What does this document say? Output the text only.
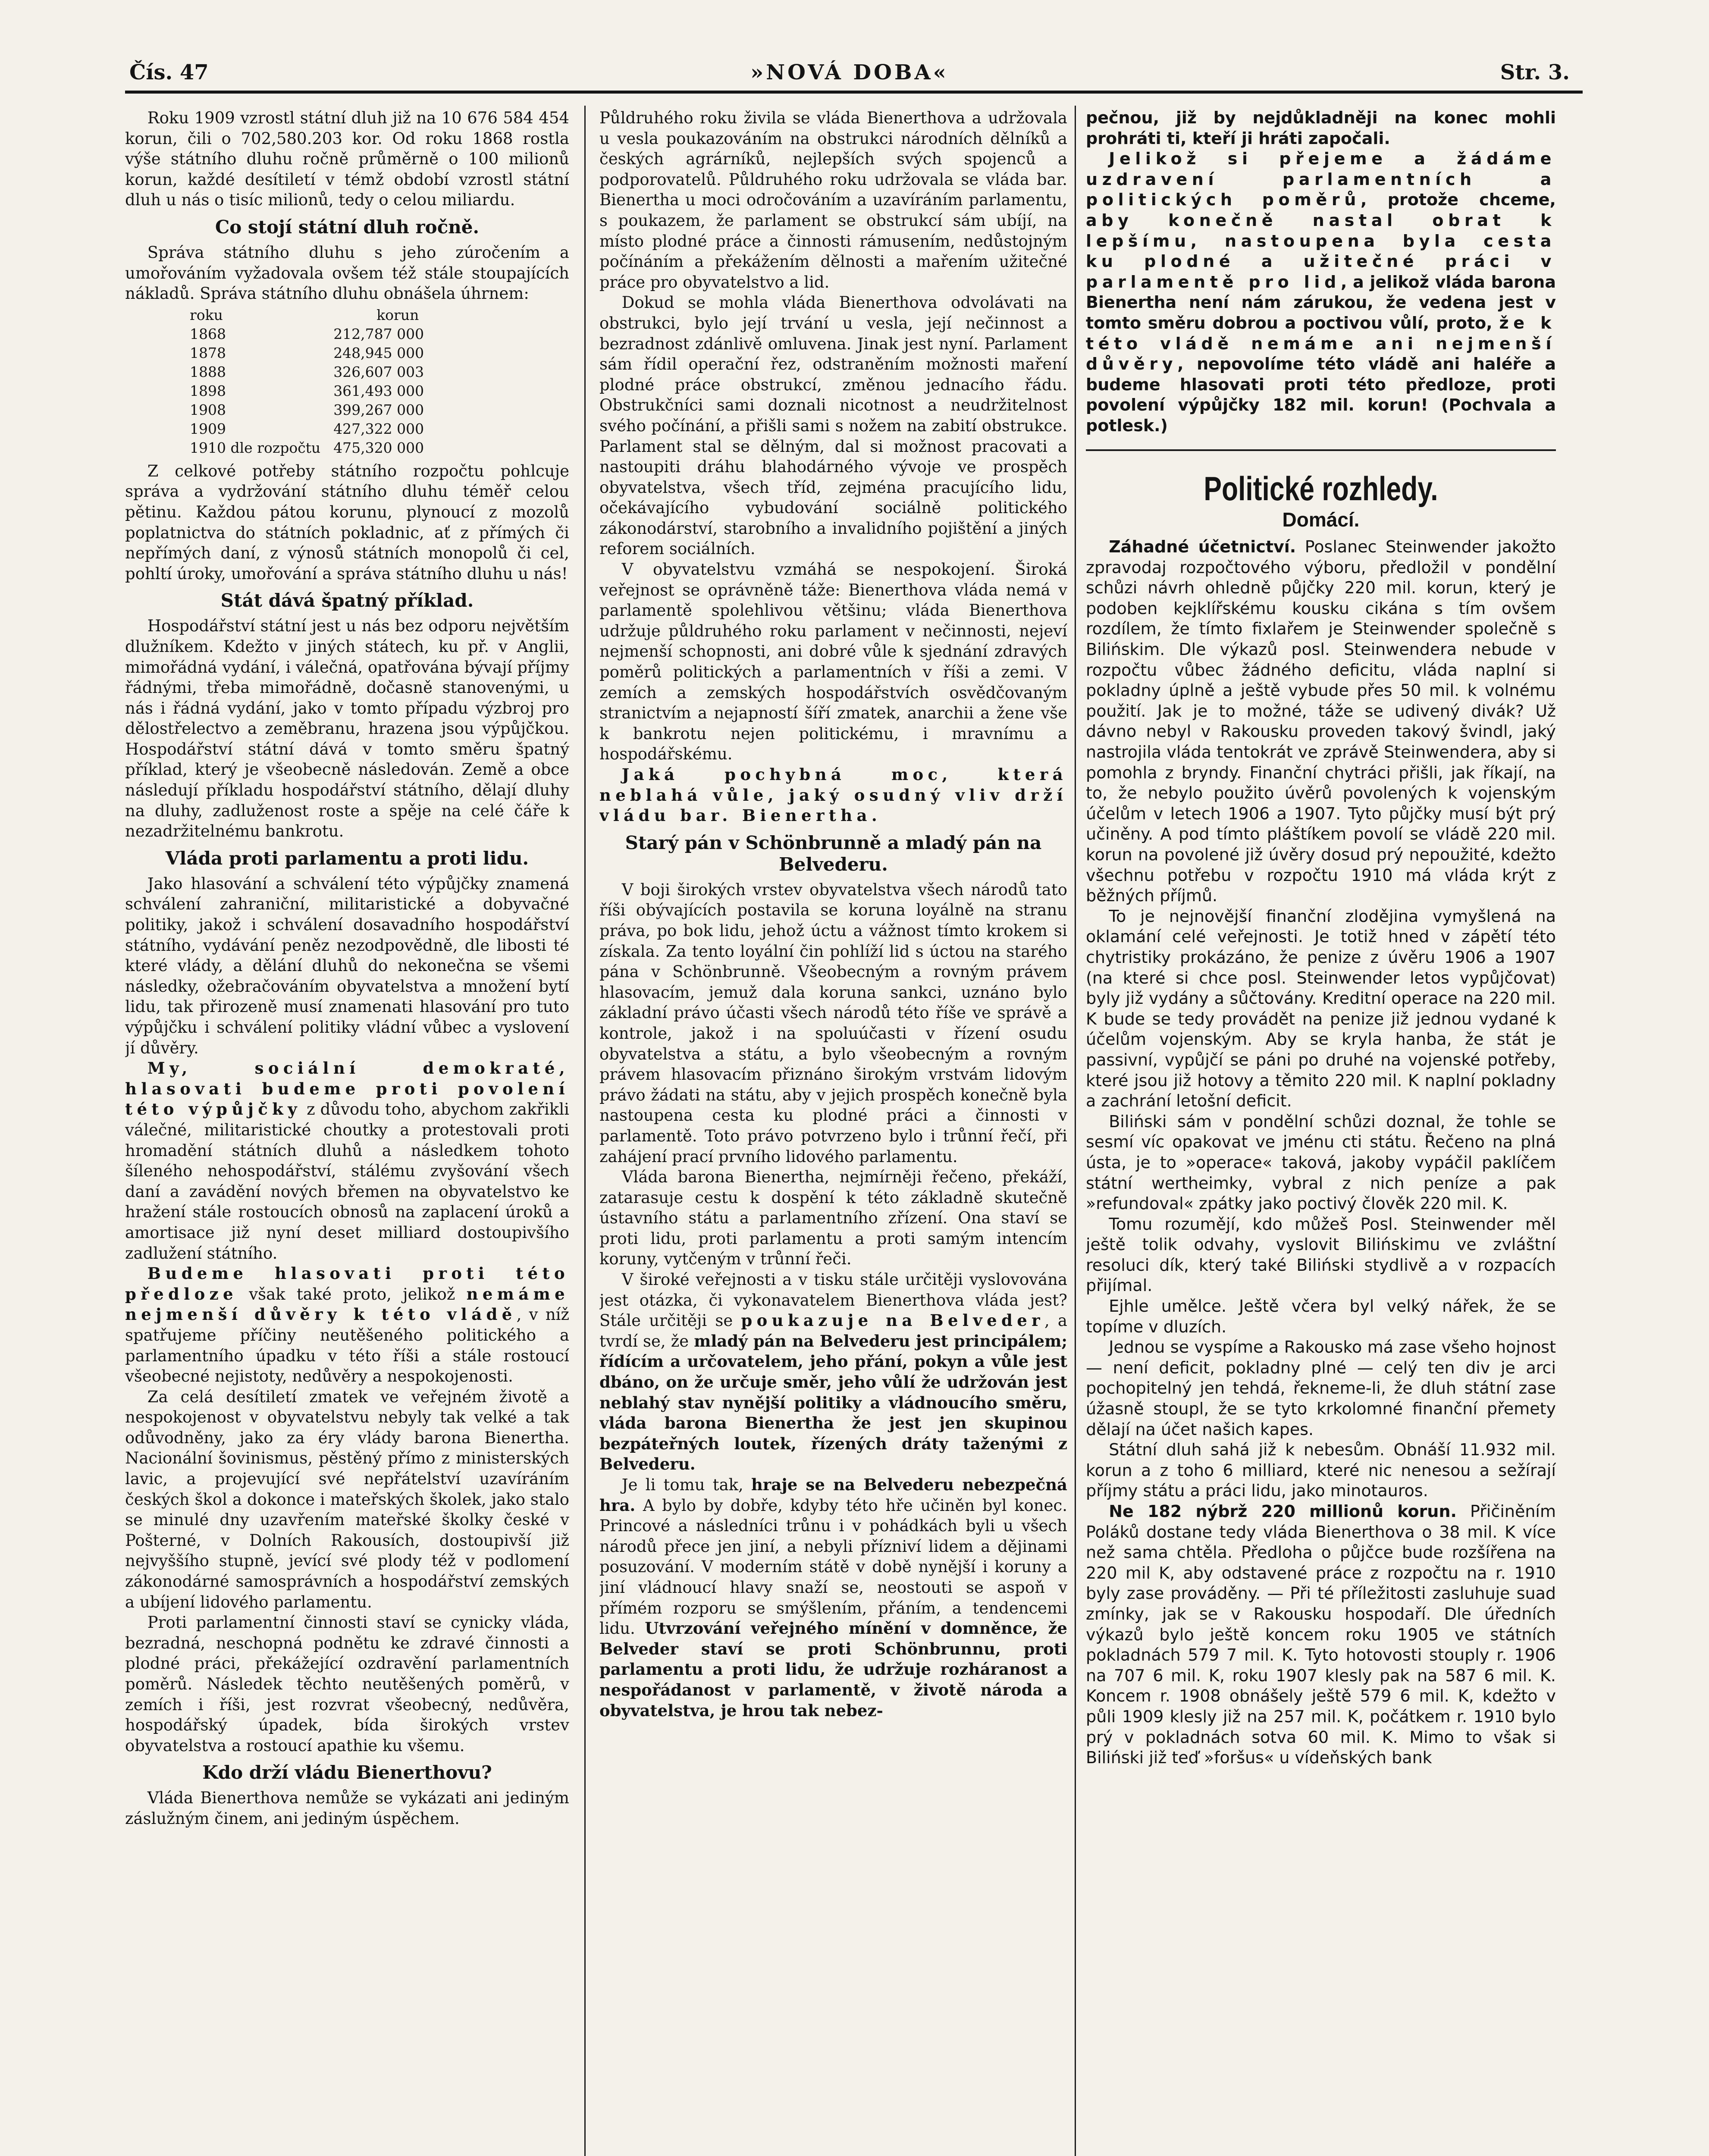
Čís. 47	»NOVÁ DOBA«	Str. 3.

Roku 1909 vzrostl státní dluh již na 10 676 584 454 korun, čili o 702,580.203 kor. Od roku 1868 rostla výše státního dluhu ročně průměrně o 100 milionů korun, každé desítiletí v témž období vzrostl státní dluh u nás o tisíc milionů, tedy o celou miliardu.

Co stojí státní dluh ročně.

Správa státního dluhu s jeho zúročením a umořováním vyžadovala ovšem též stále stoupajících nákladů. Správa státního dluhu obnášela úhrnem:

roku	korun
1868	212,787 000
1878	248,945 000
1888	326,607 003
1898	361,493 000
1908	399,267 000
1909	427,322 000
1910 dle rozpočtu	475,320 000

Z celkové potřeby státního rozpočtu pohlcuje správa a vydržování státního dluhu téměř celou pětinu. Každou pátou korunu, plynoucí z mozolů poplatnictva do státních pokladnic, ať z přímých či nepřímých daní, z výnosů státních monopolů či cel, pohltí úroky, umořování a správa státního dluhu u nás!

Stát dává špatný příklad.

Hospodářství státní jest u nás bez odporu největším dlužníkem. Kdežto v jiných státech, ku př. v Anglii, mimořádná vydání, i válečná, opatřována bývají příjmy řádnými, třeba mimořádně, dočasně stanovenými, u nás i řádná vydání, jako v tomto případu výzbroj pro dělostřelectvo a zeměbranu, hrazena jsou výpůjčkou. Hospodářství státní dává v tomto směru špatný příklad, který je všeobecně následován. Země a obce následují příkladu hospodářství státního, dělají dluhy na dluhy, zadluženost roste a spěje na celé čáře k nezadržitelnému bankrotu.

Vláda proti parlamentu a proti lidu.

Jako hlasování a schválení této výpůjčky znamená schválení zahraniční, militaristické a dobyvačné politiky, jakož i schválení dosavadního hospodářství státního, vydávání peněz nezodpovědně, dle libosti té které vlády, a dělání dluhů do nekonečna se všemi následky, ožebračováním obyvatelstva a množení bytí lidu, tak přirozeně musí znamenati hlasování pro tuto výpůjčku i schválení politiky vládní vůbec a vyslovení jí důvěry.

My, sociální demokraté, hlasovati budeme proti povolení této výpůjčky z důvodu toho, abychom zakřikli válečné, militaristické choutky a protestovali proti hromadění státních dluhů a následkem tohoto šíleného nehospodářství, stálému zvyšování všech daní a zavádění nových břemen na obyvatelstvo ke hražení stále rostoucích obnosů na zaplacení úroků a amortisace již nyní deset milliard dostoupivšího zadlužení státního.

Budeme hlasovati proti této předloze však také proto, jelikož nemáme nejmenší důvěry k této vládě, v níž spatřujeme příčiny neutěšeného politického a parlamentního úpadku v této říši a stále rostoucí všeobecné nejistoty, nedůvěry a nespokojenosti.

Za celá desítiletí zmatek ve veřejném životě a nespokojenost v obyvatelstvu nebyly tak velké a tak odůvodněny, jako za éry vlády barona Bienertha. Nacionální šovinismus, pěstěný přímo z ministerských lavic, a projevující své nepřátelství uzavíráním českých škol a dokonce i mateřských školek, jako stalo se minulé dny uzavřením mateřské školky české v Pošterné, v Dolních Rakousích, dostoupivší již nejvyššího stupně, jevící své plody též v podlomení zákonodárné samosprávních a hospodářství zemských a ubíjení lidového parlamentu.

Proti parlamentní činnosti staví se cynicky vláda, bezradná, neschopná podnětu ke zdravé činnosti a plodné práci, překážející ozdravění parlamentních poměrů. Následek těchto neutěšených poměrů, v zemích i říši, jest rozvrat všeobecný, nedůvěra, hospodářský úpadek, bída širokých vrstev obyvatelstva a rostoucí apathie ku všemu.

Kdo drží vládu Bienerthovu?

Vláda Bienerthova nemůže se vykázati ani jediným záslužným činem, ani jediným úspěchem.

Půldruhého roku živila se vláda Bienerthova a udržovala u vesla poukazováním na obstrukci národních dělníků a českých agrárníků, nejlepších svých spojenců a podporovatelů. Půldruhého roku udržovala se vláda bar. Bienertha u moci odročováním a uzavíráním parlamentu, s poukazem, že parlament se obstrukcí sám ubíjí, na místo plodné práce a činnosti rámusením, nedůstojným počínáním a překážením dělnosti a mařením užitečné práce pro obyvatelstvo a lid.

Dokud se mohla vláda Bienerthova odvolávati na obstrukci, bylo její trvání u vesla, její nečinnost a bezradnost zdánlivě omluvena. Jinak jest nyní. Parlament sám řídil operační řez, odstraněním možnosti maření plodné práce obstrukcí, změnou jednacího řádu. Obstrukčníci sami doznali nicotnost a neudržitelnost svého počínání, a přišli sami s nožem na zabití obstrukce. Parlament stal se dělným, dal si možnost pracovati a nastoupiti dráhu blahodárného vývoje ve prospěch obyvatelstva, všech tříd, zejména pracujícího lidu, očekávajícího vybudování sociálně politického zákonodárství, starobního a invalidního pojištění a jiných reforem sociálních.

V obyvatelstvu vzmáhá se nespokojení. Široká veřejnost se oprávněně táže: Bienerthova vláda nemá v parlamentě spolehlivou většinu; vláda Bienerthova udržuje půldruhého roku parlament v nečinnosti, nejeví nejmenší schopnosti, ani dobré vůle k sjednání zdravých poměrů politických a parlamentních v říši a zemi. V zemích a zemských hospodářstvích osvědčovaným stranictvím a nejapností šíří zmatek, anarchii a žene vše k bankrotu nejen politickému, i mravnímu a hospodářskému.

Jaká pochybná moc, která neblahá vůle, jaký osudný vliv drží vládu bar. Bienertha.

Starý pán v Schönbrunně a mladý pán na Belvederu.

V boji širokých vrstev obyvatelstva všech národů tato říši obývajících postavila se koruna loyálně na stranu práva, po bok lidu, jehož úctu a vážnost tímto krokem si získala. Za tento loyální čin pohlíží lid s úctou na starého pána v Schönbrunně. Všeobecným a rovným právem hlasovacím, jemuž dala koruna sankci, uznáno bylo základní právo účasti všech národů této říše ve správě a kontrole, jakož i na spoluúčasti v řízení osudu obyvatelstva a státu, a bylo všeobecným a rovným právem hlasovacím přiznáno širokým vrstvám lidovým právo žádati na státu, aby v jejich prospěch konečně byla nastoupena cesta ku plodné práci a činnosti v parlamentě. Toto právo potvrzeno bylo i trůnní řečí, při zahájení prací prvního lidového parlamentu.

Vláda barona Bienertha, nejmírněji řečeno, překáží, zatarasuje cestu k dospění k této základně skutečně ústavního státu a parlamentního zřízení. Ona staví se proti lidu, proti parlamentu a proti samým intencím koruny, vytčeným v trůnní řeči.

V široké veřejnosti a v tisku stále určitěji vyslovována jest otázka, či vykonavatelem Bienerthova vláda jest? Stále určitěji se poukazuje na Belveder, a tvrdí se, že mladý pán na Belvederu jest principálem; řídícím a určovatelem, jeho přání, pokyn a vůle jest dbáno, on že určuje směr, jeho vůlí že udržován jest neblahý stav nynější politiky a vládnoucího směru, vláda barona Bienertha že jest jen skupinou bezpáteřných loutek, řízených dráty taženými z Belvederu.

Je li tomu tak, hraje se na Belvederu nebezpečná hra. A bylo by dobře, kdyby této hře učiněn byl konec. Princové a následníci trůnu i v pohádkách byli u všech národů přece jen jiní, a nebyli přízniví lidem a dějinami posuzování. V moderním státě v době nynější i koruny a jiní vládnoucí hlavy snaží se, neostouti se aspoň v přímém rozporu se smýšlením, přáním, a tendencemi lidu. Utvrzování veřejného mínění v domněnce, že Belveder staví se proti Schönbrunnu, proti parlamentu a proti lidu, že udržuje rozháranost a nespořádanost v parlamentě, v životě národa a obyvatelstva, je hrou tak nebez-

pečnou, již by nejdůkladněji na konec mohli prohráti ti, kteří ji hráti započali.

Jelikož si přejeme a žádáme uzdravení parlamentních a politických poměrů, protože chceme, aby konečně nastal obrat k lepšímu, nastoupena byla cesta ku plodné a užitečné práci v parlamentě pro lid, a jelikož vláda barona Bienertha není nám zárukou, že vedena jest v tomto směru dobrou a poctivou vůlí, proto, že k této vládě nemáme ani nejmenší důvěry, nepovolíme této vládě ani haléře a budeme hlasovati proti této předloze, proti povolení výpůjčky 182 mil. korun! (Pochvala a potlesk.)

Politické rozhledy.
Domácí.

Záhadné účetnictví. Poslanec Steinwender jakožto zpravodaj rozpočtového výboru, předložil v pondělní schůzi návrh ohledně půjčky 220 mil. korun, který je podoben kejklířskému kousku cikána s tím ovšem rozdílem, že tímto fixlařem je Steinwender společně s Bilińskim. Dle výkazů posl. Steinwendera nebude v rozpočtu vůbec žádného deficitu, vláda naplní si pokladny úplně a ještě vybude přes 50 mil. k volnému použití. Jak je to možné, táže se udivený divák? Už dávno nebyl v Rakousku proveden takový švindl, jaký nastrojila vláda tentokrát ve zprávě Steinwendera, aby si pomohla z bryndy. Finanční chytráci přišli, jak říkají, na to, že nebylo použito úvěrů povolených k vojenským účelům v letech 1906 a 1907. Tyto půjčky musí být prý učiněny. A pod tímto pláštíkem povolí se vládě 220 mil. korun na povolené již úvěry dosud prý nepoužité, kdežto všechnu potřebu v rozpočtu 1910 má vláda krýt z běžných příjmů.

To je nejnovější finanční zlodějina vymyšlená na oklamání celé veřejnosti. Je totiž hned v zápětí této chytristiky prokázáno, že penize z úvěru 1906 a 1907 (na které si chce posl. Steinwender letos vypůjčovat) byly již vydány a sůčtovány. Kreditní operace na 220 mil. K bude se tedy provádět na penize již jednou vydané k účelům vojenským. Aby se kryla hanba, že stát je passivní, vypůjčí se páni po druhé na vojenské potřeby, které jsou již hotovy a těmito 220 mil. K naplní pokladny a zachrání letošní deficit.

Biliński sám v pondělní schůzi doznal, že tohle se sesmí víc opakovat ve jménu cti státu. Řečeno na plná ústa, je to »operace« taková, jakoby vypáčil paklíčem státní wertheimky, vybral z nich peníze a pak »refundoval« zpátky jako poctivý člověk 220 mil. K.

Tomu rozumějí, kdo můžeš Posl. Steinwender měl ještě tolik odvahy, vyslovit Bilińskimu ve zvláštní resoluci dík, který také Biliński stydlivě a v rozpacích přijímal.

Ejhle umělce. Ještě včera byl velký nářek, že se topíme v dluzích.

Jednou se vyspíme a Rakousko má zase všeho hojnost — není deficit, pokladny plné — celý ten div je arci pochopitelný jen tehdá, řekneme-li, že dluh státní zase úžasně stoupl, že se tyto krkolomné finanční přemety dělají na účet našich kapes.

Státní dluh sahá již k nebesům. Obnáší 11.932 mil. korun a z toho 6 milliard, které nic nenesou a sežírají příjmy státu a práci lidu, jako minotauros.

Ne 182 nýbrž 220 millionů korun. Přičiněním Poláků dostane tedy vláda Bienerthova o 38 mil. K více než sama chtěla. Předloha o půjčce bude rozšířena na 220 mil K, aby odstavené práce z rozpočtu na r. 1910 byly zase prováděny. — Při té příležitosti zasluhuje suad zmínky, jak se v Rakousku hospodaří. Dle úředních výkazů bylo ještě koncem roku 1905 ve státních pokladnách 579 7 mil. K. Tyto hotovosti stouply r. 1906 na 707 6 mil. K, roku 1907 klesly pak na 587 6 mil. K. Koncem r. 1908 obnášely ještě 579 6 mil. K, kdežto v půli 1909 klesly již na 257 mil. K, počátkem r. 1910 bylo prý v pokladnách sotva 60 mil. K. Mimo to však si Biliński již teď »foršus« u vídeňských bank
